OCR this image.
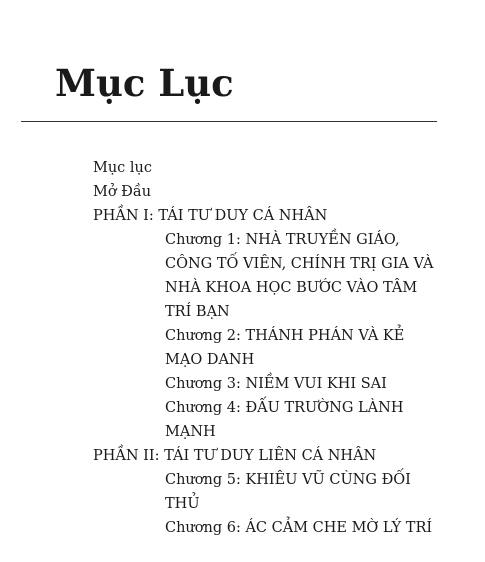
Mục Lục
Mục lục
Mở Đầu
PHẦN I: TÁI TƯ DUY CÁ NHÂN
Chương 1: NHÀ TRUYỀN GIÁO, CÔNG TỐ VIÊN, CHÍNH TRỊ GIA VÀ NHÀ KHOA HỌC BƯỚC VÀO TÂM TRÍ BẠN
Chương 2: THÁNH PHÁN VÀ KẺ MẠO DANH
Chương 3: NIỀM VUI KHI SAI
Chương 4: ĐẤU TRƯỜNG LÀNH MẠNH
PHẦN II: TÁI TƯ DUY LIÊN CÁ NHÂN
Chương 5: KHIÊU VŨ CÙNG ĐỐI THỦ
Chương 6: ÁC CẢM CHE MỜ LÝ TRÍ
